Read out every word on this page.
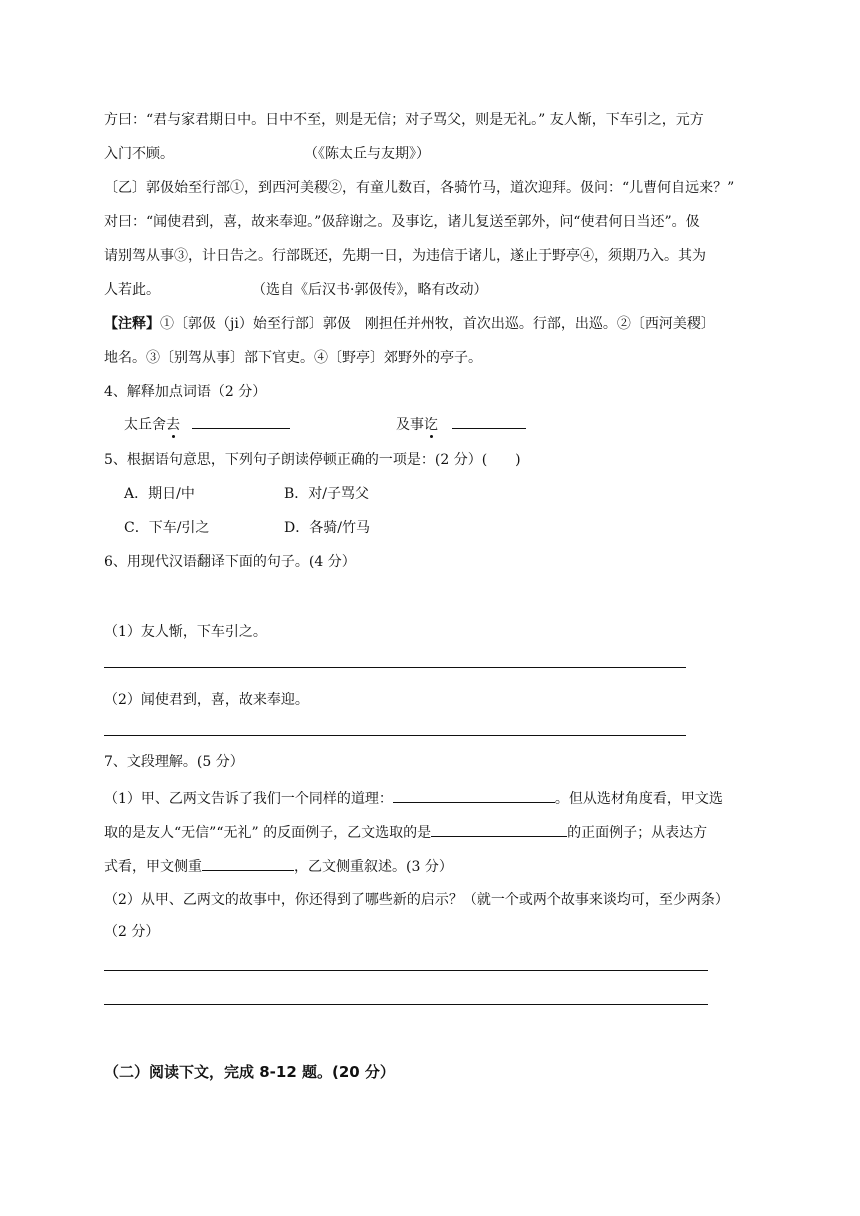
方曰：“君与家君期日中。日中不至，则是无信；对子骂父，则是无礼。” 友人惭，下车引之，元方
入门不顾。	（《陈太丘与友期》）
〔乙〕郭伋始至行部①，到西河美稷②，有童儿数百，各骑竹马，道次迎拜。伋问：“儿曹何自远来？”
对曰：“闻使君到，喜，故来奉迎。”伋辞谢之。及事讫，诸儿复送至郭外，问“使君何日当还”。伋
请别驾从事③，计日告之。行部既还，先期一日，为违信于诸儿，遂止于野亭④，须期乃入。其为
人若此。	（选自《后汉书·郭伋传》，略有改动）
【注释】①〔郭伋（ji）始至行部〕郭伋　刚担任并州牧，首次出巡。行部，出巡。②〔西河美稷〕
地名。③〔别驾从事〕部下官吏。④〔野亭〕郊野外的亭子。
4、解释加点词语（2 分）
太丘舍去	及事讫
5、根据语句意思，下列句子朗读停顿正确的一项是：(2 分）(　　)
A．期日/中	B．对/子骂父
C．下车/引之	D．各骑/竹马
6、用现代汉语翻译下面的句子。(4 分）
（1）友人惭，下车引之。
（2）闻使君到，喜，故来奉迎。
7、文段理解。(5 分）
（1）甲、乙两文告诉了我们一个同样的道理：	。但从选材角度看，甲文选
取的是友人“无信”“无礼” 的反面例子，乙文选取的是	的正面例子；从表达方
式看，甲文侧重	，乙文侧重叙述。(3 分）
（2）从甲、乙两文的故事中，你还得到了哪些新的启示？（就一个或两个故事来谈均可，至少两条）
（2 分）
（二）阅读下文，完成 8-12 题。(20 分）
